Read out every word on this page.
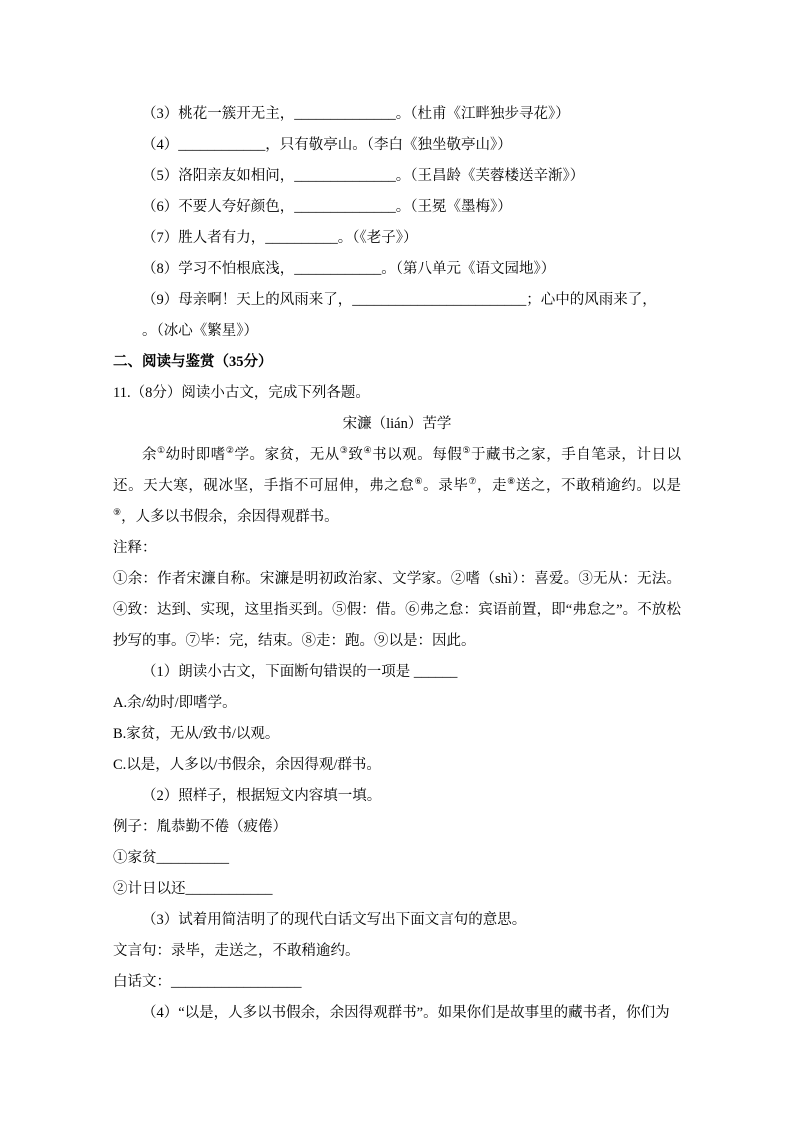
（3）桃花一簇开无主，______________。（杜甫《江畔独步寻花》）

（4）____________，只有敬亭山。（李白《独坐敬亭山》）

（5）洛阳亲友如相问，______________。（王昌龄《芙蓉楼送辛渐》）

（6）不要人夸好颜色，______________。（王冕《墨梅》）

（7）胜人者有力，__________。（《老子》）

（8）学习不怕根底浅，____________。（第八单元《语文园地》）

（9）母亲啊！天上的风雨来了，________________________；心中的风雨来了，

。（冰心《繁星》）

二、阅读与鉴赏（35分）

11.（8分）阅读小古文，完成下列各题。

宋濂（lián）苦学

余①幼时即嗜②学。家贫，无从③致④书以观。每假⑤于藏书之家，手自笔录，计日以还。天大寒，砚冰坚，手指不可屈伸，弗之怠⑥。录毕⑦，走⑧送之，不敢稍逾约。以是⑨，人多以书假余，余因得观群书。

注释：

①余：作者宋濂自称。宋濂是明初政治家、文学家。②嗜（shì）：喜爱。③无从：无法。④致：达到、实现，这里指买到。⑤假：借。⑥弗之怠：宾语前置，即“弗怠之”。不放松抄写的事。⑦毕：完，结束。⑧走：跑。⑨以是：因此。

（1）朗读小古文，下面断句错误的一项是 ______

A.余/幼时/即嗜学。

B.家贫，无从/致书/以观。

C.以是，人多以/书假余，余因得观/群书。

（2）照样子，根据短文内容填一填。

例子：胤恭勤不倦（疲倦）

①家贫__________

②计日以还____________

（3）试着用简洁明了的现代白话文写出下面文言句的意思。

文言句：录毕，走送之，不敢稍逾约。

白话文：__________________

（4）“以是，人多以书假余，余因得观群书”。如果你们是故事里的藏书者，你们为
